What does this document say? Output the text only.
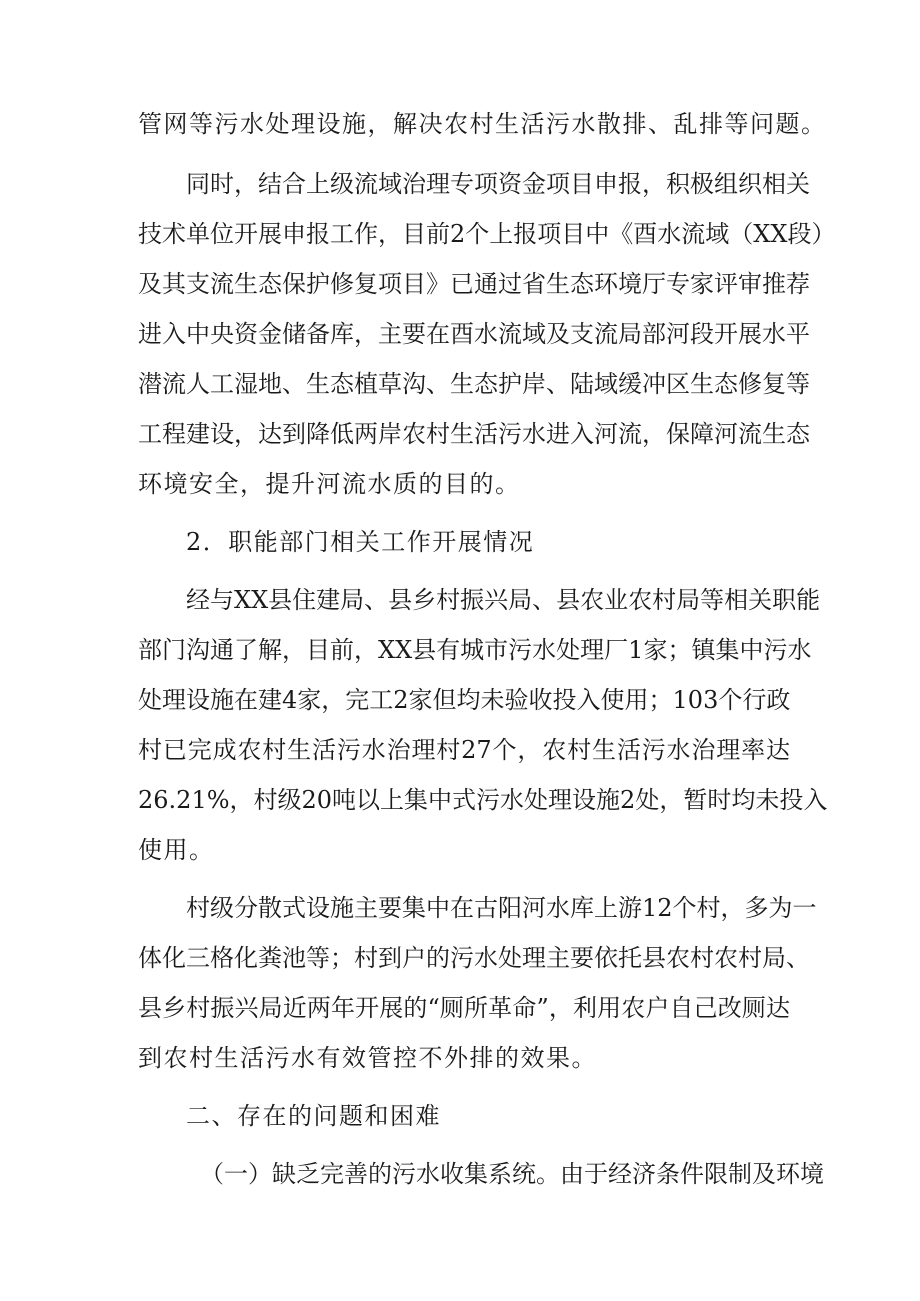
管网等污水处理设施，解决农村生活污水散排、乱排等问题。
同时，结合上级流域治理专项资金项目申报，积极组织相关
技术单位开展申报工作，目前2个上报项目中《酉水流域（XX段）
及其支流生态保护修复项目》已通过省生态环境厅专家评审推荐
进入中央资金储备库，主要在酉水流域及支流局部河段开展水平
潜流人工湿地、生态植草沟、生态护岸、陆域缓冲区生态修复等
工程建设，达到降低两岸农村生活污水进入河流，保障河流生态
环境安全，提升河流水质的目的。
2．职能部门相关工作开展情况
经与XX县住建局、县乡村振兴局、县农业农村局等相关职能
部门沟通了解，目前，XX县有城市污水处理厂1家；镇集中污水
处理设施在建4家，完工2家但均未验收投入使用；103个行政
村已完成农村生活污水治理村27个，农村生活污水治理率达
26.21%，村级20吨以上集中式污水处理设施2处，暂时均未投入
使用。
村级分散式设施主要集中在古阳河水库上游12个村，多为一
体化三格化粪池等；村到户的污水处理主要依托县农村农村局、
县乡村振兴局近两年开展的“厕所革命”，利用农户自己改厕达
到农村生活污水有效管控不外排的效果。
二、存在的问题和困难
（一）缺乏完善的污水收集系统。由于经济条件限制及环境
